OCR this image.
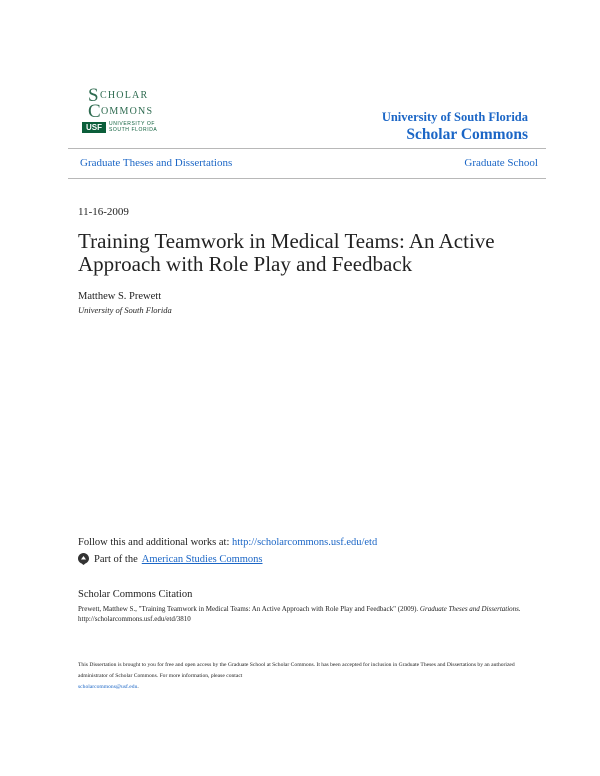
S CHOLAR
C OMMONS
USF	UNIVERSITY OF
SOUTH FLORIDA
University of South Florida
Scholar Commons
Graduate Theses and Dissertations	Graduate School
11-16-2009
Training Teamwork in Medical Teams: An Active Approach with Role Play and Feedback
Matthew S. Prewett
University of South Florida
Follow this and additional works at: http://scholarcommons.usf.edu/etd
Part of the American Studies Commons
Scholar Commons Citation
Prewett, Matthew S., "Training Teamwork in Medical Teams: An Active Approach with Role Play and Feedback" (2009). Graduate Theses and Dissertations.
http://scholarcommons.usf.edu/etd/3810
This Dissertation is brought to you for free and open access by the Graduate School at Scholar Commons. It has been accepted for inclusion in Graduate Theses and Dissertations by an authorized administrator of Scholar Commons. For more information, please contact
scholarcommons@usf.edu.
